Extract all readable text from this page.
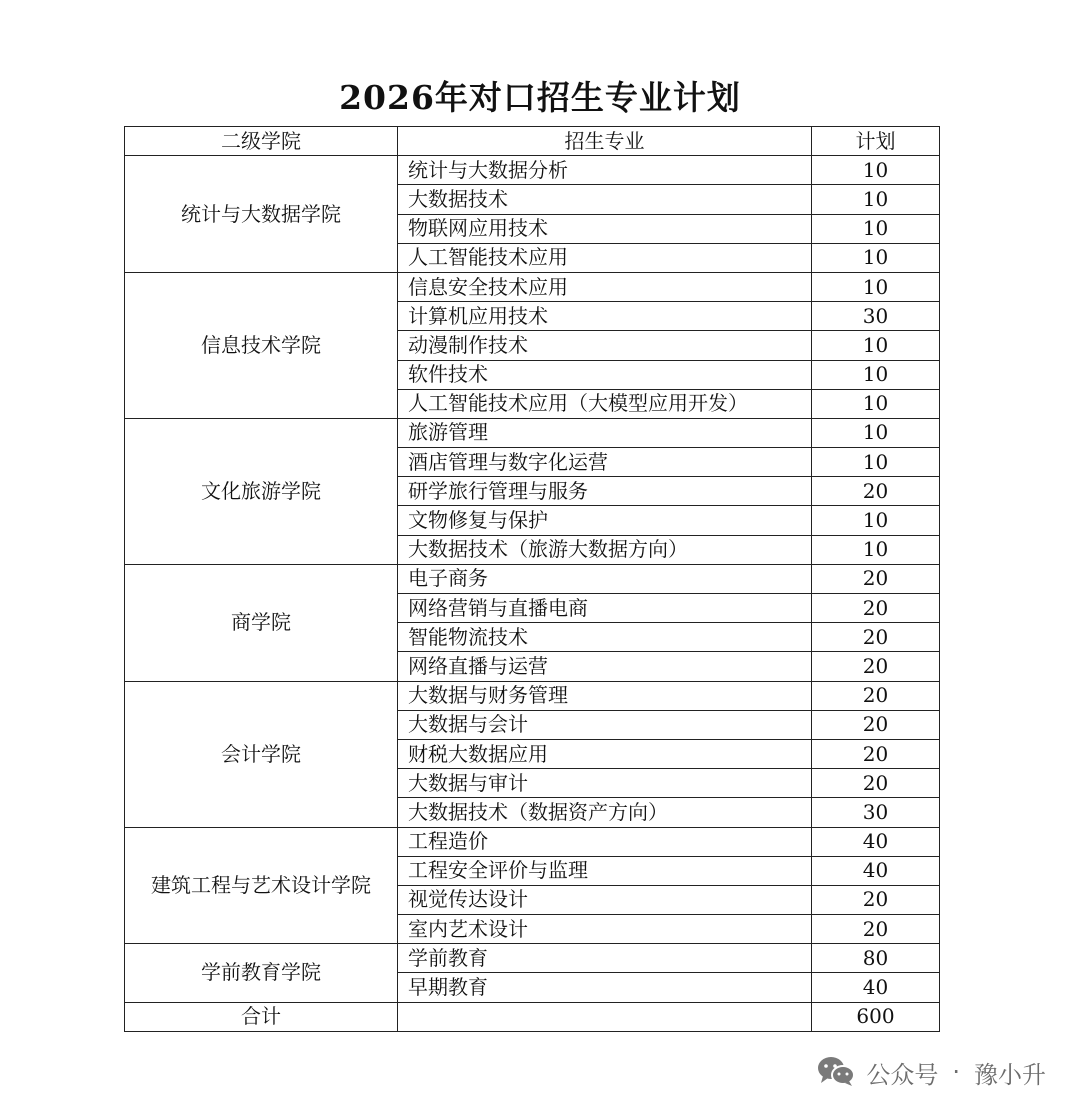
2026年对口招生专业计划
二级学院	招生专业	计划
统计与大数据学院	统计与大数据分析	10
	大数据技术	10
	物联网应用技术	10
	人工智能技术应用	10
信息技术学院	信息安全技术应用	10
	计算机应用技术	30
	动漫制作技术	10
	软件技术	10
	人工智能技术应用（大模型应用开发）	10
文化旅游学院	旅游管理	10
	酒店管理与数字化运营	10
	研学旅行管理与服务	20
	文物修复与保护	10
	大数据技术（旅游大数据方向）	10
商学院	电子商务	20
	网络营销与直播电商	20
	智能物流技术	20
	网络直播与运营	20
会计学院	大数据与财务管理	20
	大数据与会计	20
	财税大数据应用	20
	大数据与审计	20
	大数据技术（数据资产方向）	30
建筑工程与艺术设计学院	工程造价	40
	工程安全评价与监理	40
	视觉传达设计	20
	室内艺术设计	20
学前教育学院	学前教育	80
	早期教育	40
合计		600
公众号 · 豫小升
